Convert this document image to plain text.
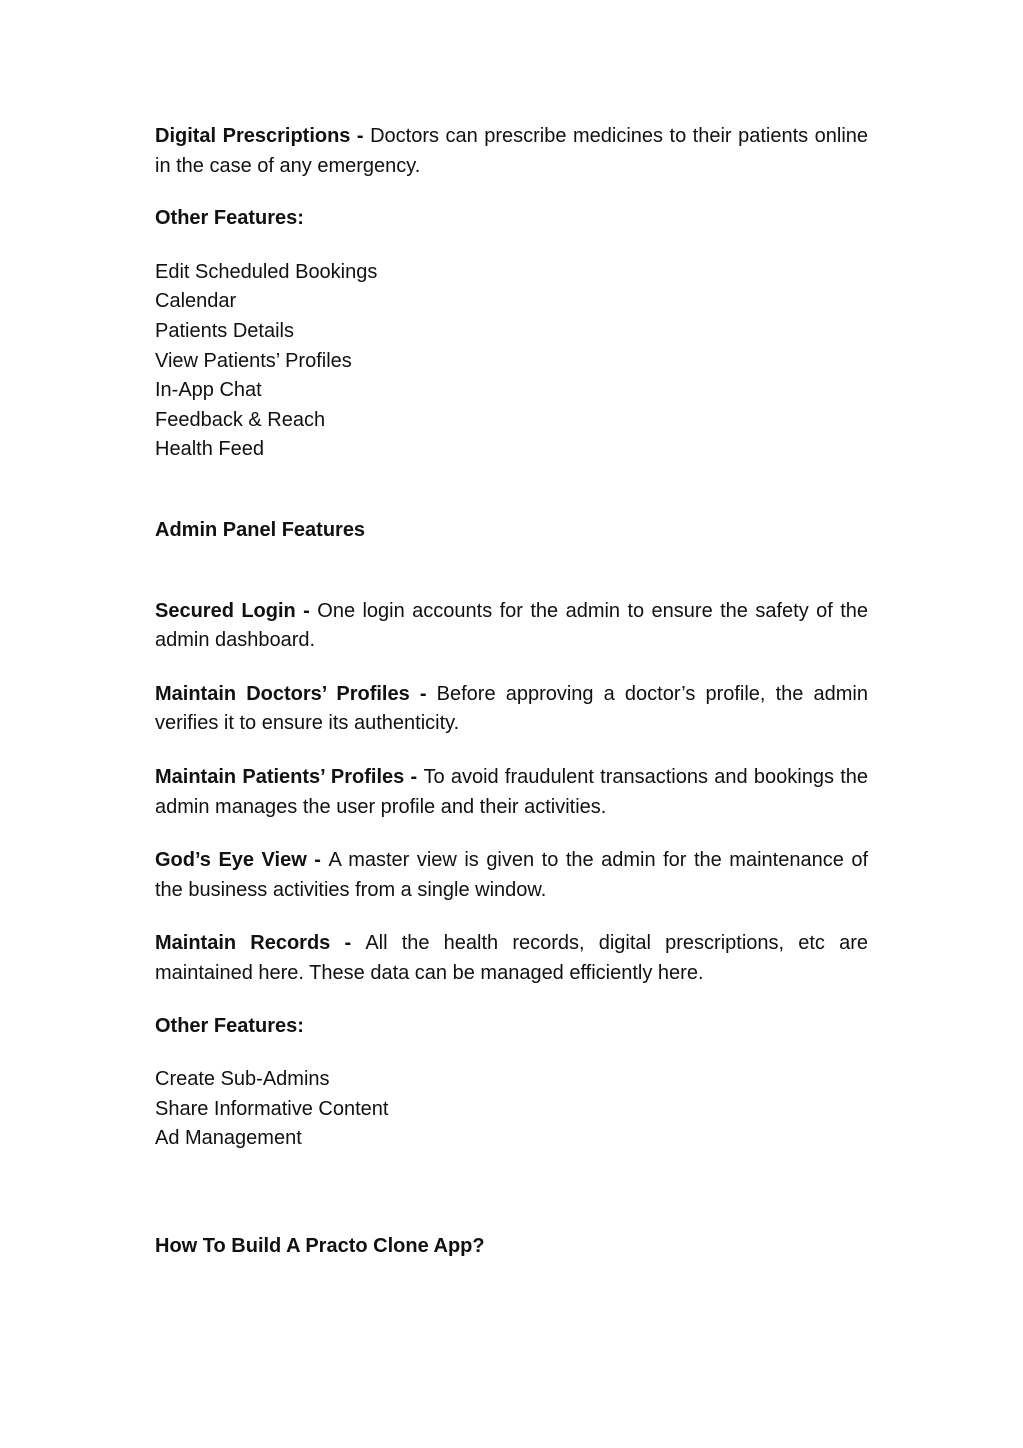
Digital Prescriptions - Doctors can prescribe medicines to their patients online in the case of any emergency.

Other Features:

Edit Scheduled Bookings
Calendar
Patients Details
View Patients’ Profiles
In-App Chat
Feedback & Reach
Health Feed

Admin Panel Features

Secured Login - One login accounts for the admin to ensure the safety of the admin dashboard.

Maintain Doctors’ Profiles - Before approving a doctor’s profile, the admin verifies it to ensure its authenticity.

Maintain Patients’ Profiles - To avoid fraudulent transactions and bookings the admin manages the user profile and their activities.

God’s Eye View - A master view is given to the admin for the maintenance of the business activities from a single window.

Maintain Records - All the health records, digital prescriptions, etc are maintained here. These data can be managed efficiently here.

Other Features:

Create Sub-Admins
Share Informative Content
Ad Management

How To Build A Practo Clone App?
